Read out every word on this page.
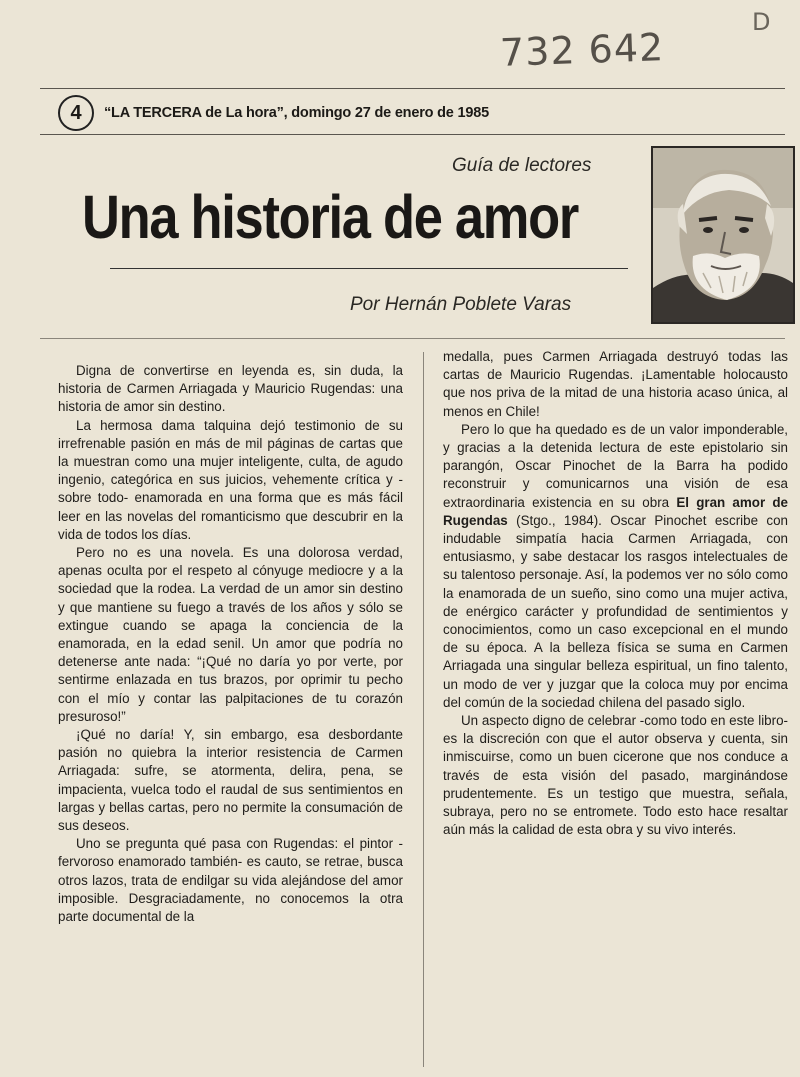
732 642
D
4	“LA TERCERA de La hora”, domingo 27 de enero de 1985
Guía de lectores
Una historia de amor
Por Hernán Poblete Varas

Digna de convertirse en leyenda es, sin duda, la historia de Carmen Arriagada y Mauricio Rugendas: una historia de amor sin destino.

La hermosa dama talquina dejó testimonio de su irrefrenable pasión en más de mil páginas de cartas que la muestran como una mujer inteligente, culta, de agudo ingenio, categórica en sus juicios, vehemente crítica y -sobre todo- enamorada en una forma que es más fácil leer en las novelas del romanticismo que descubrir en la vida de todos los días.

Pero no es una novela. Es una dolorosa verdad, apenas oculta por el respeto al cónyuge mediocre y a la sociedad que la rodea. La verdad de un amor sin destino y que mantiene su fuego a través de los años y sólo se extingue cuando se apaga la conciencia de la enamorada, en la edad senil. Un amor que podría no detenerse ante nada: “¡Qué no daría yo por verte, por sentirme enlazada en tus brazos, por oprimir tu pecho con el mío y contar las palpitaciones de tu corazón presuroso!”

¡Qué no daría! Y, sin embargo, esa desbordante pasión no quiebra la interior resistencia de Carmen Arriagada: sufre, se atormenta, delira, pena, se impacienta, vuelca todo el raudal de sus sentimientos en largas y bellas cartas, pero no permite la consumación de sus deseos.

Uno se pregunta qué pasa con Rugendas: el pintor -fervoroso enamorado también- es cauto, se retrae, busca otros lazos, trata de endilgar su vida alejándose del amor imposible. Desgraciadamente, no conocemos la otra parte documental de la

medalla, pues Carmen Arriagada destruyó todas las cartas de Mauricio Rugendas. ¡Lamentable holocausto que nos priva de la mitad de una historia acaso única, al menos en Chile!

Pero lo que ha quedado es de un valor imponderable, y gracias a la detenida lectura de este epistolario sin parangón, Oscar Pinochet de la Barra ha podido reconstruir y comunicarnos una visión de esa extraordinaria existencia en su obra El gran amor de Rugendas (Stgo., 1984). Oscar Pinochet escribe con indudable simpatía hacia Carmen Arriagada, con entusiasmo, y sabe destacar los rasgos intelectuales de su talentoso personaje. Así, la podemos ver no sólo como la enamorada de un sueño, sino como una mujer activa, de enérgico carácter y profundidad de sentimientos y conocimientos, como un caso excepcional en el mundo de su época. A la belleza física se suma en Carmen Arriagada una singular belleza espiritual, un fino talento, un modo de ver y juzgar que la coloca muy por encima del común de la sociedad chilena del pasado siglo.

Un aspecto digno de celebrar -como todo en este libro- es la discreción con que el autor observa y cuenta, sin inmiscuirse, como un buen cicerone que nos conduce a través de esta visión del pasado, marginándose prudentemente. Es un testigo que muestra, señala, subraya, pero no se entromete. Todo esto hace resaltar aún más la calidad de esta obra y su vivo interés.
